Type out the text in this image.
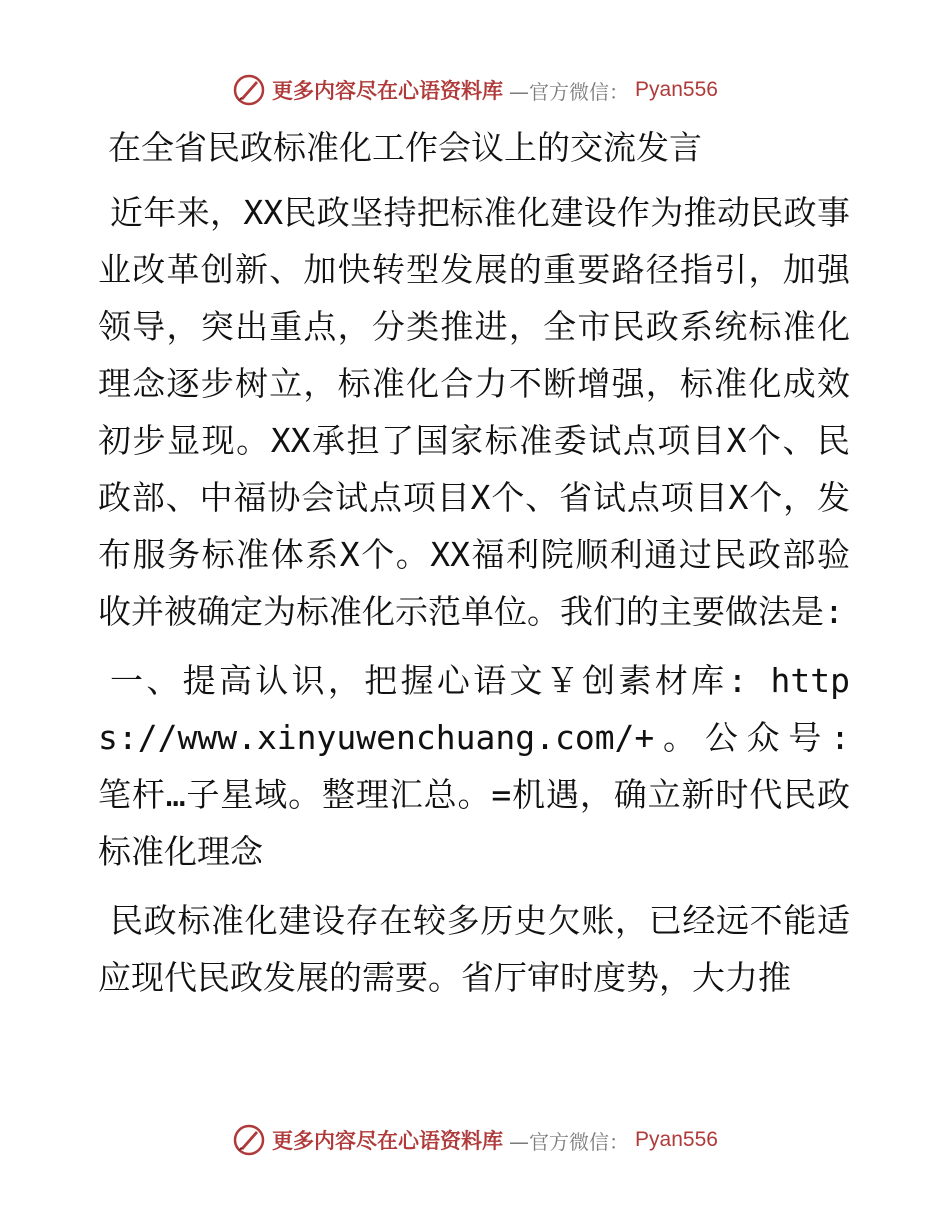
更多内容尽在心语资料库 —官方微信： Pyan556
在全省民政标准化工作会议上的交流发言

近年来，XX民政坚持把标准化建设作为推动民政事业改革创新、加快转型发展的重要路径指引，加强领导，突出重点，分类推进，全市民政系统标准化理念逐步树立，标准化合力不断增强，标准化成效初步显现。XX承担了国家标准委试点项目X个、民政部、中福协会试点项目X个、省试点项目X个，发布服务标准体系X个。XX福利院顺利通过民政部验收并被确定为标准化示范单位。我们的主要做法是:

一、提高认识，把握心语文￥创素材库: https://www.xinyuwenchuang.com/+。公众号: 笔杆…子星域。整理汇总。=机遇，确立新时代民政标准化理念

民政标准化建设存在较多历史欠账，已经远不能适应现代民政发展的需要。省厅审时度势，大力推

更多内容尽在心语资料库 —官方微信： Pyan556
